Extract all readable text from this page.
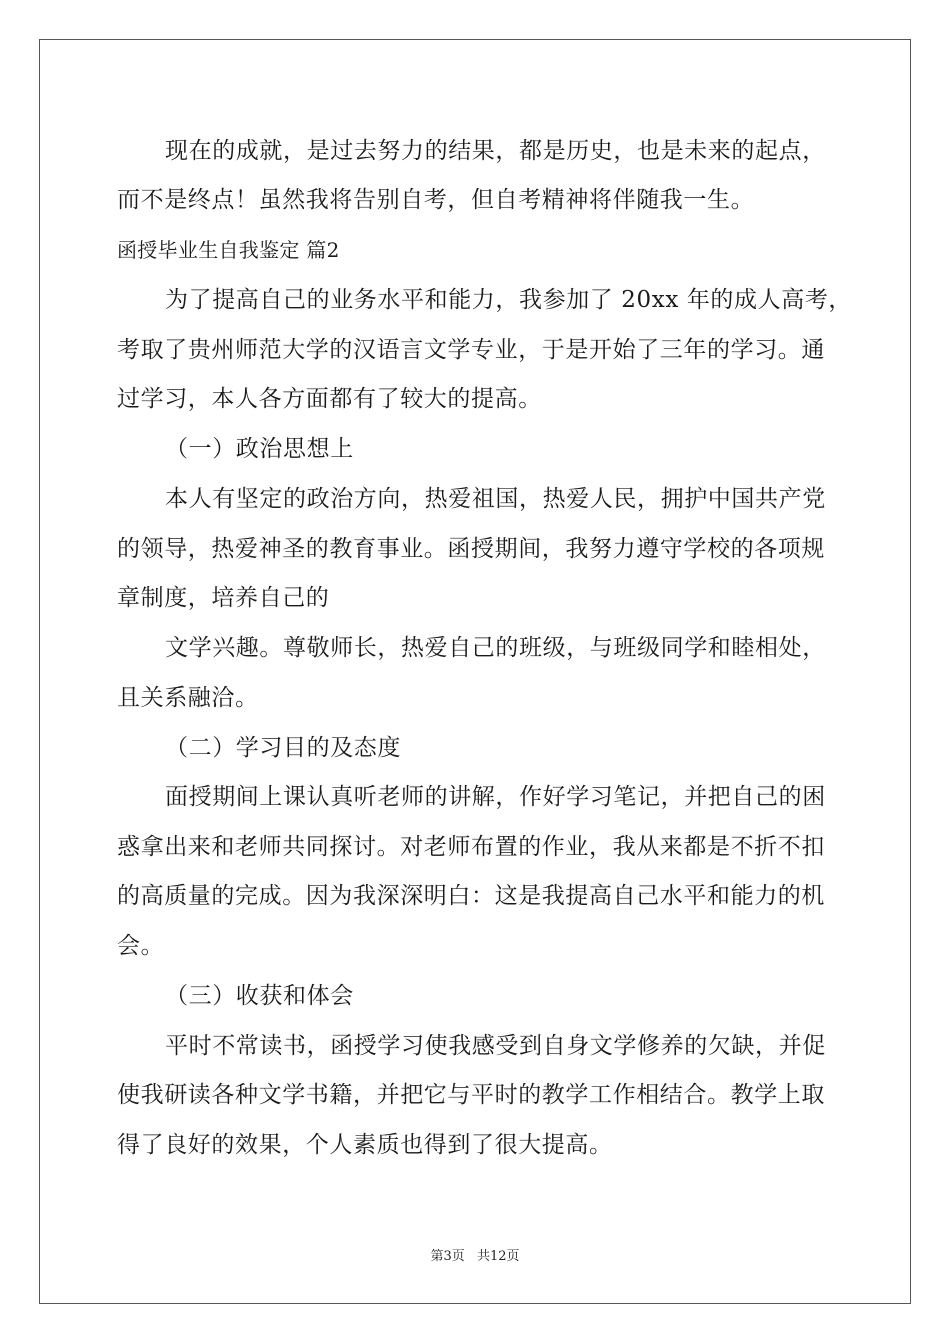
现在的成就，是过去努力的结果，都是历史，也是未来的起点，
而不是终点！虽然我将告别自考，但自考精神将伴随我一生。
函授毕业生自我鉴定 篇2
为了提高自己的业务水平和能力，我参加了 20xx 年的成人高考，
考取了贵州师范大学的汉语言文学专业，于是开始了三年的学习。通
过学习，本人各方面都有了较大的提高。
（一）政治思想上
本人有坚定的政治方向，热爱祖国，热爱人民，拥护中国共产党
的领导，热爱神圣的教育事业。函授期间，我努力遵守学校的各项规
章制度，培养自己的
文学兴趣。尊敬师长，热爱自己的班级，与班级同学和睦相处，
且关系融洽。
（二）学习目的及态度
面授期间上课认真听老师的讲解，作好学习笔记，并把自己的困
惑拿出来和老师共同探讨。对老师布置的作业，我从来都是不折不扣
的高质量的完成。因为我深深明白：这是我提高自己水平和能力的机
会。
（三）收获和体会
平时不常读书，函授学习使我感受到自身文学修养的欠缺，并促
使我研读各种文学书籍，并把它与平时的教学工作相结合。教学上取
得了良好的效果，个人素质也得到了很大提高。
第3页 共12页
